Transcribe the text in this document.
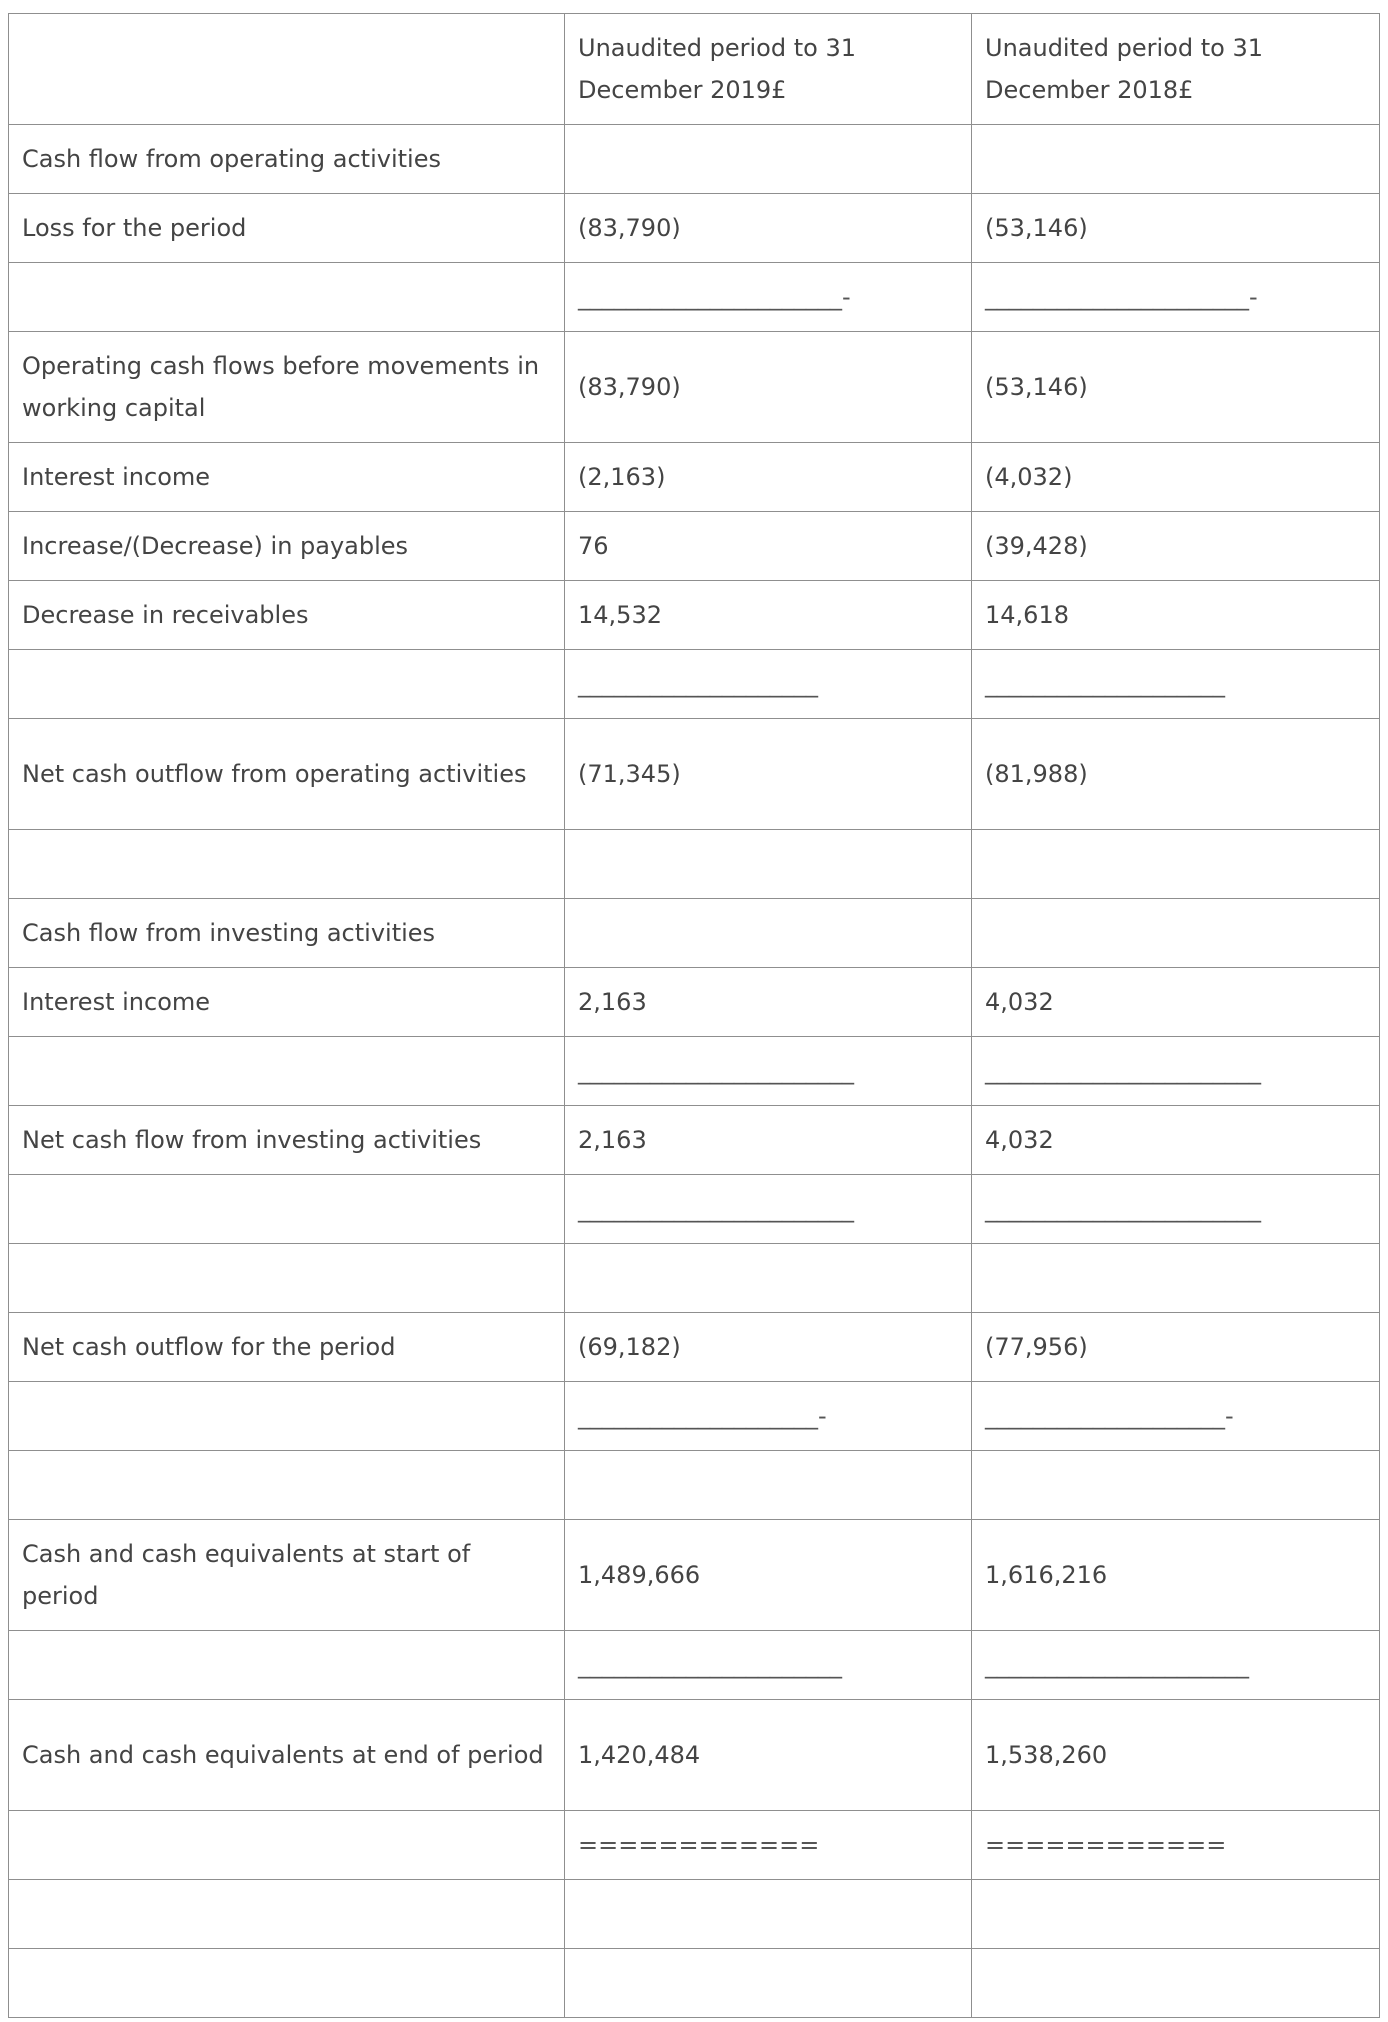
	Unaudited period to 31 December 2019£	Unaudited period to 31 December 2018£
Cash flow from operating activities		
Loss for the period	(83,790)	(53,146)
	______________________-	______________________-
Operating cash flows before movements in working capital	(83,790)	(53,146)
Interest income	(2,163)	(4,032)
Increase/(Decrease) in payables	76	(39,428)
Decrease in receivables	14,532	14,618
	____________________	____________________
Net cash outflow from operating activities	(71,345)	(81,988)

Cash flow from investing activities		
Interest income	2,163	4,032
	_______________________	_______________________
Net cash flow from investing activities	2,163	4,032
	_______________________	_______________________

Net cash outflow for the period	(69,182)	(77,956)
	____________________-	____________________-

Cash and cash equivalents at start of period	1,489,666	1,616,216
	______________________	______________________
Cash and cash equivalents at end of period	1,420,484	1,538,260
	============	============
